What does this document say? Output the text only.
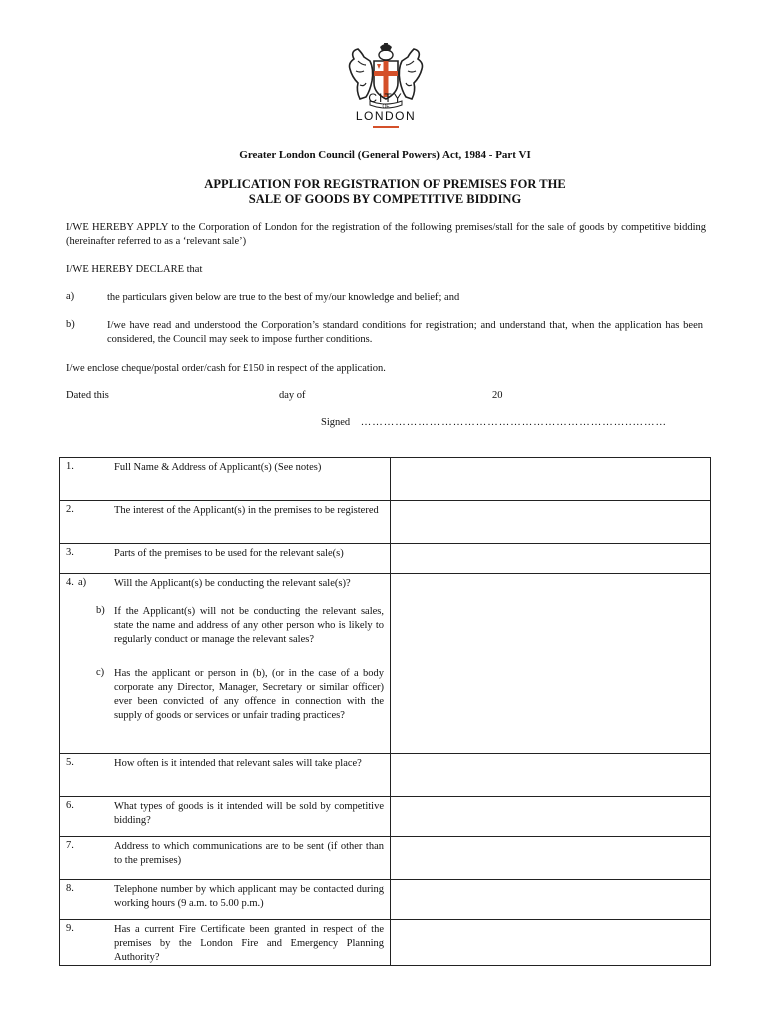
CITY
OF
LONDON
Greater London Council (General Powers) Act, 1984 - Part VI
APPLICATION FOR REGISTRATION OF PREMISES FOR THE
SALE OF GOODS BY COMPETITIVE BIDDING
I/WE HEREBY APPLY to the Corporation of London for the registration of the following premises/stall for the sale of goods by competitive bidding (hereinafter referred to as a ‘relevant sale’)
I/WE HEREBY DECLARE that
a)	the particulars given below are true to the best of my/our knowledge and belief; and
b)	I/we have read and understood the Corporation’s standard conditions for registration; and understand that, when the application has been considered, the Council may seek to impose further conditions.
I/we enclose cheque/postal order/cash for £150 in respect of the application.
Dated this	day of	20
Signed ……………………………………………………………..………
1.		Full Name & Address of Applicant(s) (See notes)	

2.		The interest of the Applicant(s) in the premises to be registered	

3.		Parts of the premises to be used for the relevant sale(s)	

4.	a)	Will the Applicant(s) be conducting the relevant sale(s)?	

	b)	If the Applicant(s) will not be conducting the relevant sales, state the name and address of any other person who is likely to regularly conduct or manage the relevant sales?	

	c)	Has the applicant or person in (b), (or in the case of a body corporate any Director, Manager, Secretary or similar officer) ever been convicted of any offence in connection with the supply of goods or services or unfair trading practices?	

5.		How often is it intended that relevant sales will take place?	

6.		What types of goods is it intended will be sold by competitive bidding?	

7.		Address to which communications are to be sent (if other than to the premises)	

8.		Telephone number by which applicant may be contacted during working hours (9 a.m. to 5.00 p.m.)	

9.		Has a current Fire Certificate been granted in respect of the premises by the London Fire and Emergency Planning Authority?	
